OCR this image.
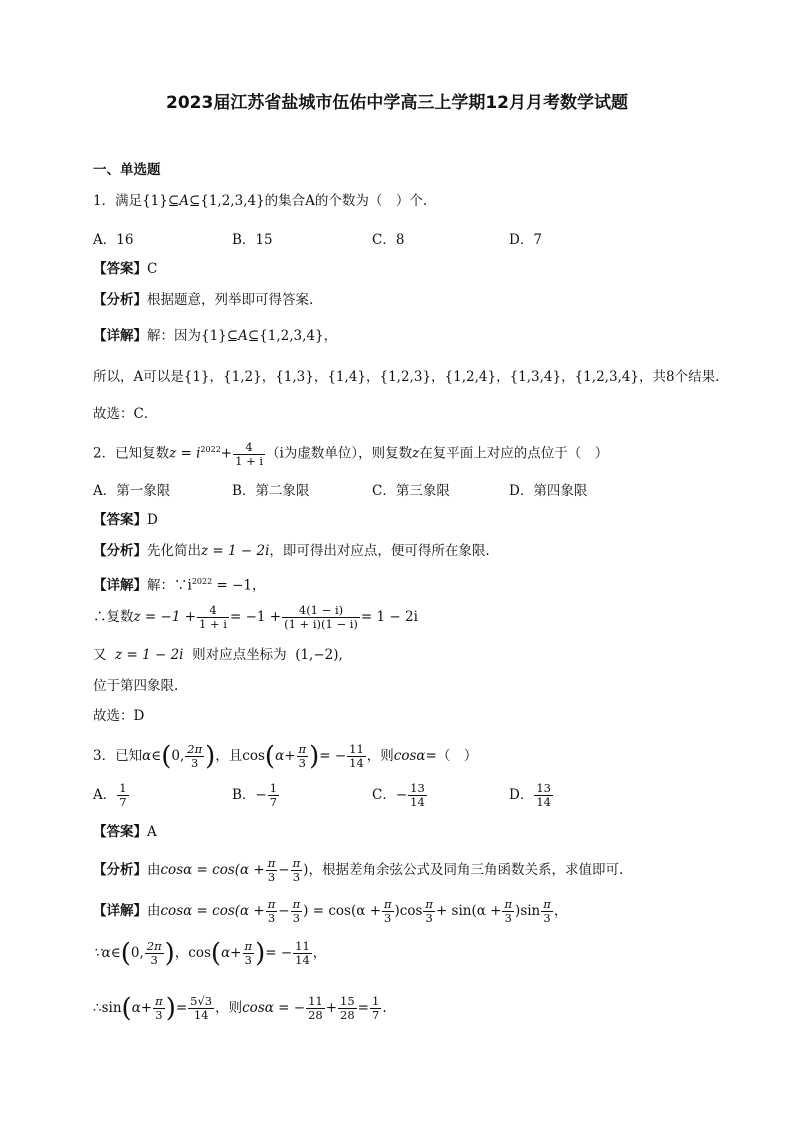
2023届江苏省盐城市伍佑中学高三上学期12月月考数学试题
一、单选题
1．满足{1}⊆A⊆{1,2,3,4}的集合A的个数为（　）个.
A．16	B．15	C．8	D．7
【答案】C
【分析】根据题意，列举即可得答案.
【详解】解：因为{1}⊆A⊆{1,2,3,4}，
所以，A可以是{1}，{1,2}，{1,3}，{1,4}，{1,2,3}，{1,2,4}，{1,3,4}，{1,2,3,4}，共8个结果.
故选：C．
2．已知复数$z = i^{2022}+ \frac{4}{1 + i} (i$为虚数单位），则复数z在复平面上对应的点位于（　）
A．第一象限	B．第二象限	C．第三象限	D．第四象限
【答案】D
【分析】先化简出z = 1 − 2i，即可得出对应点，便可得所在象限.
【详解】解：$\because i^{2022} = -1$，
∴复数$z = -1 + \frac{4}{1 + i} = -1 + \frac{4(1 - i)}{(1 + i)(1 - i)} = 1 - 2i$
又 z = 1 − 2i 则对应点坐标为 (1,−2),
位于第四象限.
故选：D
3．已知α∈(0, $\frac{2\pi}{3}$ )，且$\cos(\alpha+ \frac{\pi}{3}$ )= − $\frac{11}{14}$ ，则cosα=（　）
A． $\frac{1}{7}$	B．− $\frac{1}{7}$	C．− $\frac{13}{14}$	D． $\frac{13}{14}$
【答案】A
【分析】由$\cos\alpha = \cos(\alpha + \frac{\pi}{3} - \frac{\pi}{3}$ )，根据差角余弦公式及同角三角函数关系，求值即可.
【详解】由$\cos\alpha = \cos(\alpha + \frac{\pi}{3} - \frac{\pi}{3}$ ) = $\cos(\alpha + \frac{\pi}{3} )\cos \frac{\pi}{3} + \sin(\alpha + \frac{\pi}{3} )\sin \frac{\pi}{3}$ ，
∵α∈(0, $\frac{2\pi}{3}$ )，$\cos(\alpha+ \frac{\pi}{3}$ )= − $\frac{11}{14}$ ，
∴sin(α+ $\frac{\pi}{3}$ )= $\frac{5√3}{14}$ ，则cosα = − $\frac{11}{28} + \frac{15}{28} = \frac{1}{7}$ .
